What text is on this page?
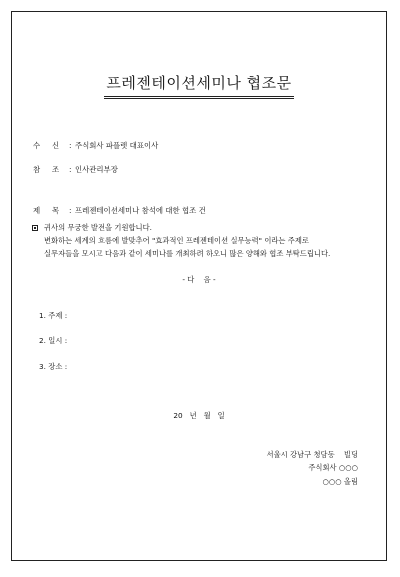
프레젠테이션세미나 협조문
수    신 : 주식회사 파플렛 대표이사
참    조 : 인사관리부장
제    목 : 프레젠테이션세미나 참석에 대한 협조 건
귀사의 무궁한 발전을 기원합니다.
변화하는 세계의 흐름에 발맞추어 "효과적인 프레젠테이션 실무능력" 이라는 주제로
실무자들을 모시고 다음과 같이 세미나를 개최하려 하오니 많은 양해와 협조 부탁드립니다.
- 다    음 -
1. 주제 :
2. 일시 :
3. 장소 :
20   년   월   일
서울시 강남구 청담동    빌딩
주식회사 ○○○
○○○ 올림
